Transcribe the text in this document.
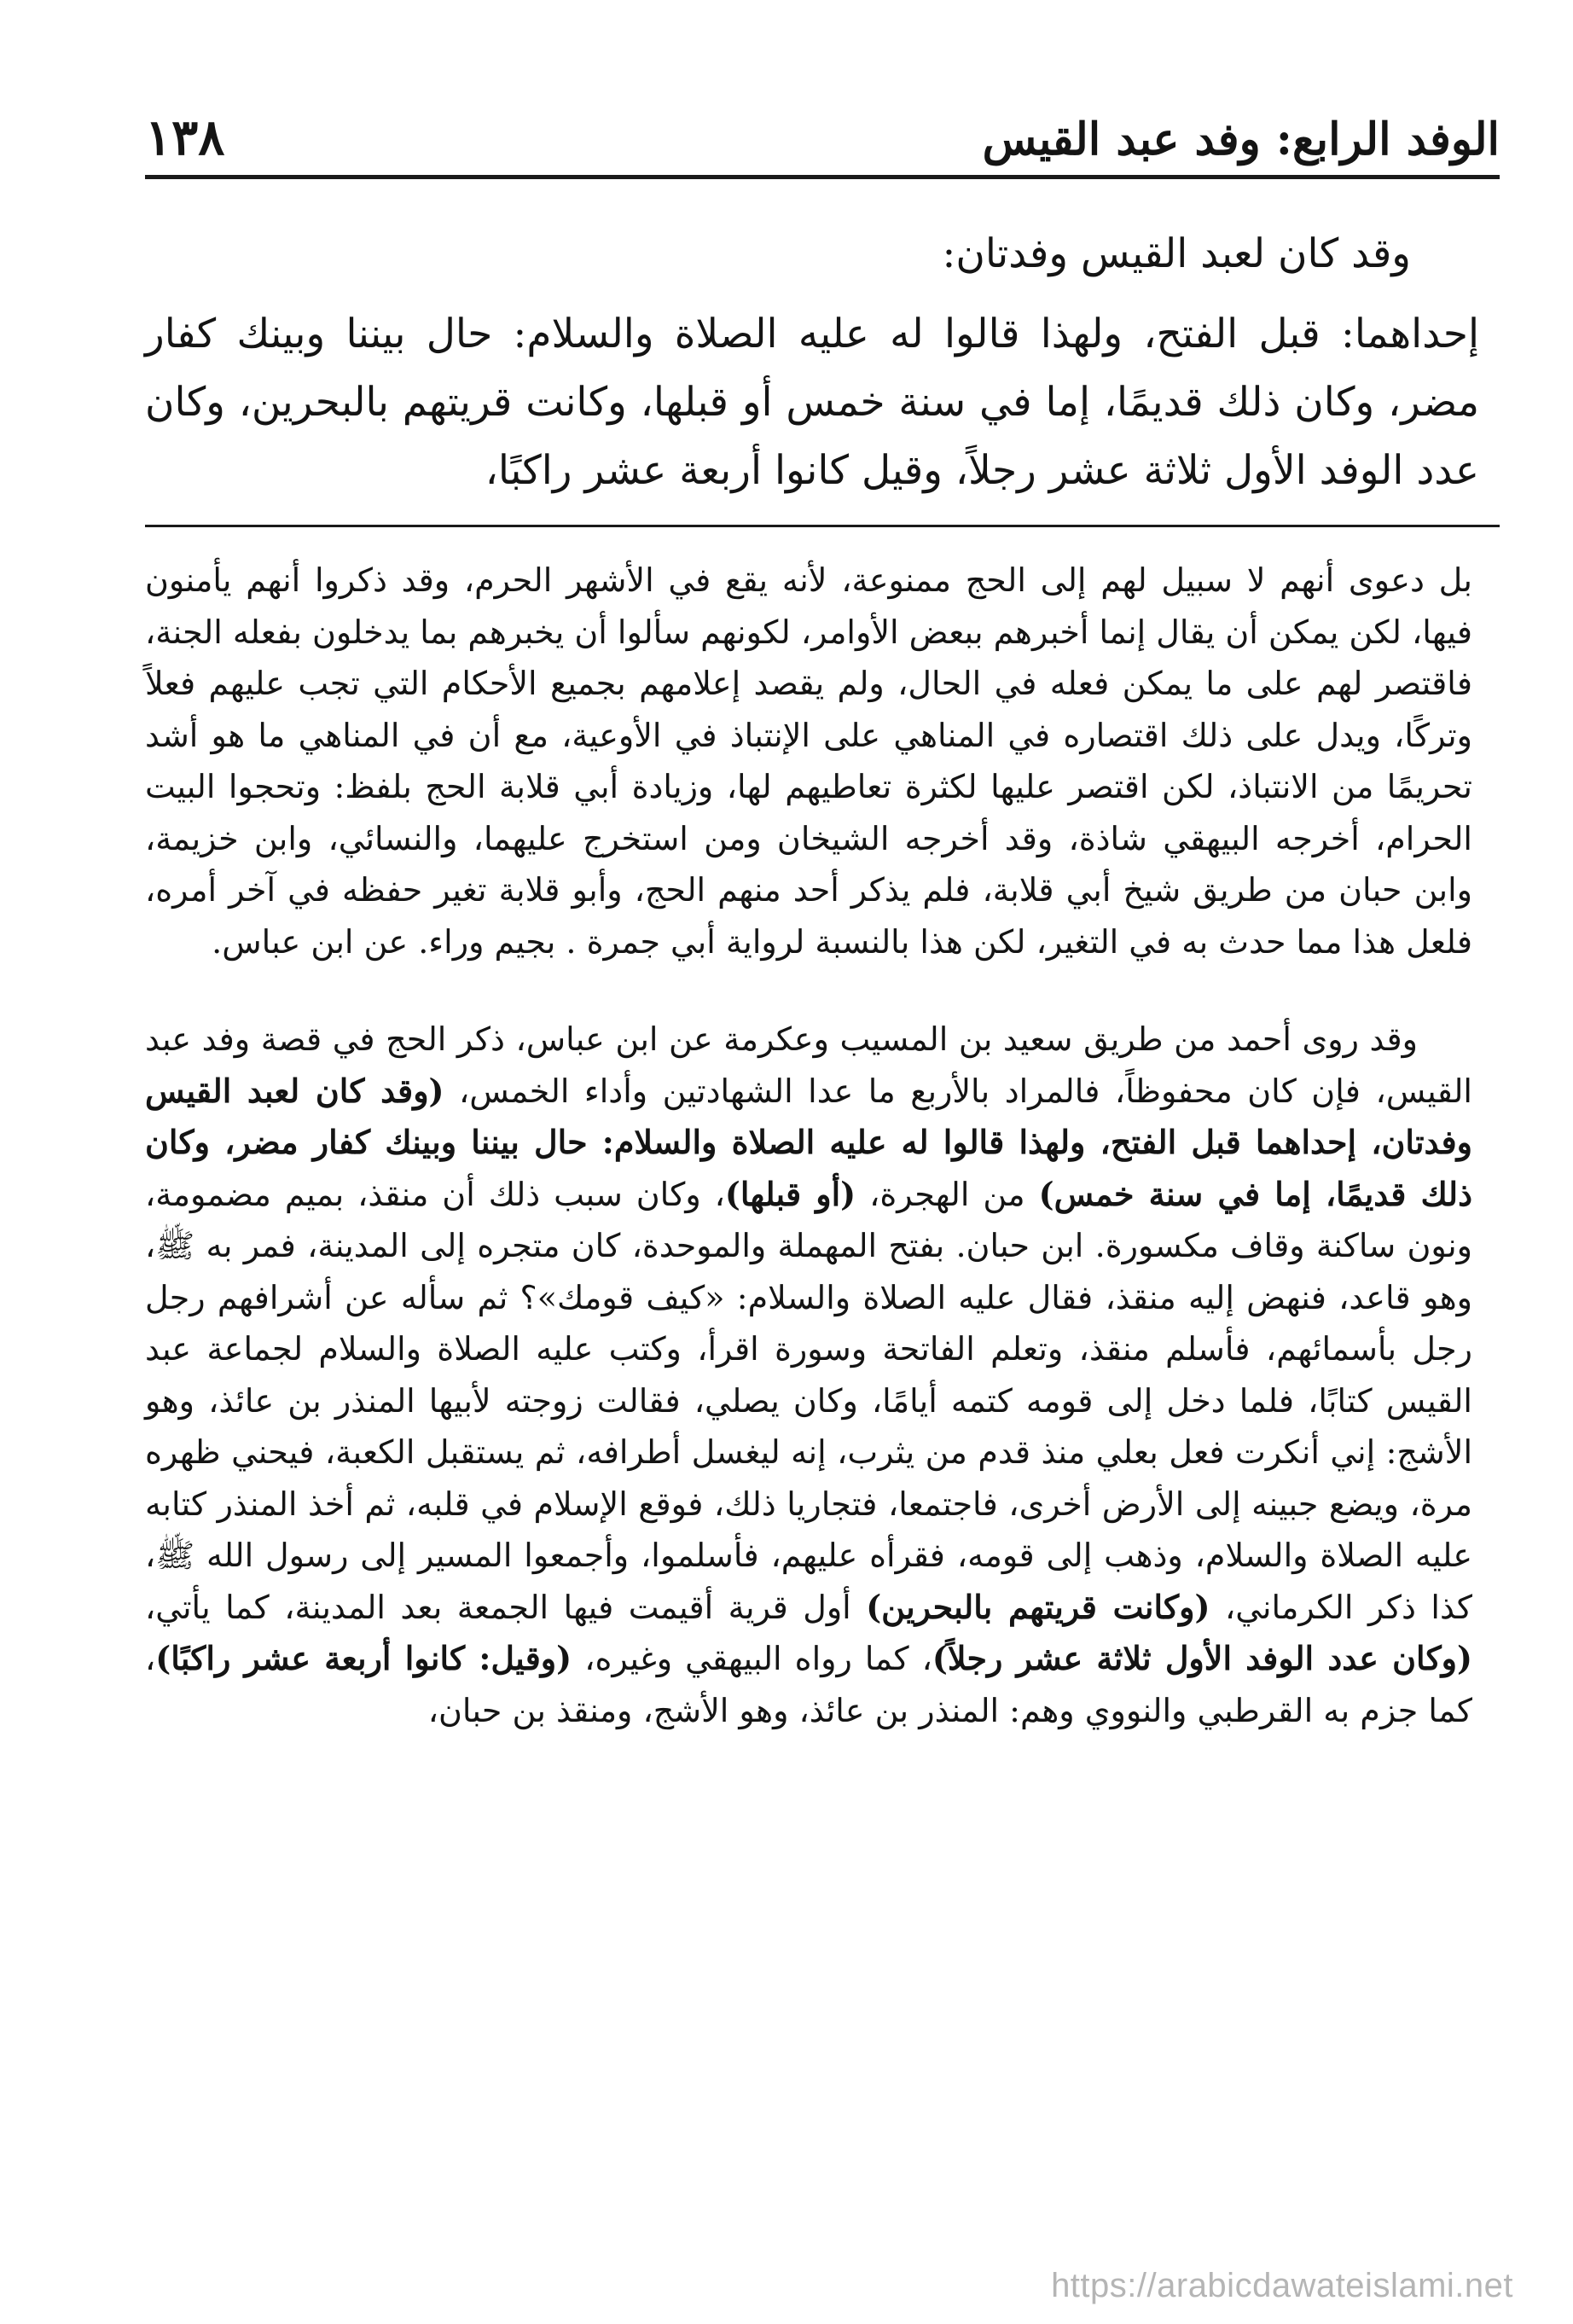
الوفد الرابع: وفد عبد القيس
١٣٨

وقد كان لعبد القيس وفدتان:

إحداهما: قبل الفتح، ولهذا قالوا له عليه الصلاة والسلام: حال بيننا وبينك كفار مضر، وكان ذلك قديمًا، إما في سنة خمس أو قبلها، وكانت قريتهم بالبحرين، وكان عدد الوفد الأول ثلاثة عشر رجلاً، وقيل كانوا أربعة عشر راكبًا،

بل دعوى أنهم لا سبيل لهم إلى الحج ممنوعة، لأنه يقع في الأشهر الحرم، وقد ذكروا أنهم يأمنون فيها، لكن يمكن أن يقال إنما أخبرهم ببعض الأوامر، لكونهم سألوا أن يخبرهم بما يدخلون بفعله الجنة، فاقتصر لهم على ما يمكن فعله في الحال، ولم يقصد إعلامهم بجميع الأحكام التي تجب عليهم فعلاً وتركًا، ويدل على ذلك اقتصاره في المناهي على الإنتباذ في الأوعية، مع أن في المناهي ما هو أشد تحريمًا من الانتباذ، لكن اقتصر عليها لكثرة تعاطيهم لها، وزيادة أبي قلابة الحج بلفظ: وتحجوا البيت الحرام، أخرجه البيهقي شاذة، وقد أخرجه الشيخان ومن استخرج عليهما، والنسائي، وابن خزيمة، وابن حبان من طريق شيخ أبي قلابة، فلم يذكر أحد منهم الحج، وأبو قلابة تغير حفظه في آخر أمره، فلعل هذا مما حدث به في التغير، لكن هذا بالنسبة لرواية أبي جمرة . بجيم وراء. عن ابن عباس.

وقد روى أحمد من طريق سعيد بن المسيب وعكرمة عن ابن عباس، ذكر الحج في قصة وفد عبد القيس، فإن كان محفوظاً، فالمراد بالأربع ما عدا الشهادتين وأداء الخمس، (وقد كان لعبد القيس وفدتان، إحداهما قبل الفتح، ولهذا قالوا له عليه الصلاة والسلام: حال بيننا وبينك كفار مضر، وكان ذلك قديمًا، إما في سنة خمس) من الهجرة، (أو قبلها)، وكان سبب ذلك أن منقذ، بميم مضمومة، ونون ساكنة وقاف مكسورة. ابن حبان. بفتح المهملة والموحدة، كان متجره إلى المدينة، فمر به ﷺ، وهو قاعد، فنهض إليه منقذ، فقال عليه الصلاة والسلام: «كيف قومك»؟ ثم سأله عن أشرافهم رجل رجل بأسمائهم، فأسلم منقذ، وتعلم الفاتحة وسورة اقرأ، وكتب عليه الصلاة والسلام لجماعة عبد القيس كتابًا، فلما دخل إلى قومه كتمه أيامًا، وكان يصلي، فقالت زوجته لأبيها المنذر بن عائذ، وهو الأشج: إني أنكرت فعل بعلي منذ قدم من يثرب، إنه ليغسل أطرافه، ثم يستقبل الكعبة، فيحني ظهره مرة، ويضع جبينه إلى الأرض أخرى، فاجتمعا، فتجاريا ذلك، فوقع الإسلام في قلبه، ثم أخذ المنذر كتابه عليه الصلاة والسلام، وذهب إلى قومه، فقرأه عليهم، فأسلموا، وأجمعوا المسير إلى رسول الله ﷺ، كذا ذكر الكرماني، (وكانت قريتهم بالبحرين) أول قرية أقيمت فيها الجمعة بعد المدينة، كما يأتي، (وكان عدد الوفد الأول ثلاثة عشر رجلاً)، كما رواه البيهقي وغيره، (وقيل: كانوا أربعة عشر راكبًا)، كما جزم به القرطبي والنووي وهم: المنذر بن عائذ، وهو الأشج، ومنقذ بن حبان،

https://arabicdawateislami.net
